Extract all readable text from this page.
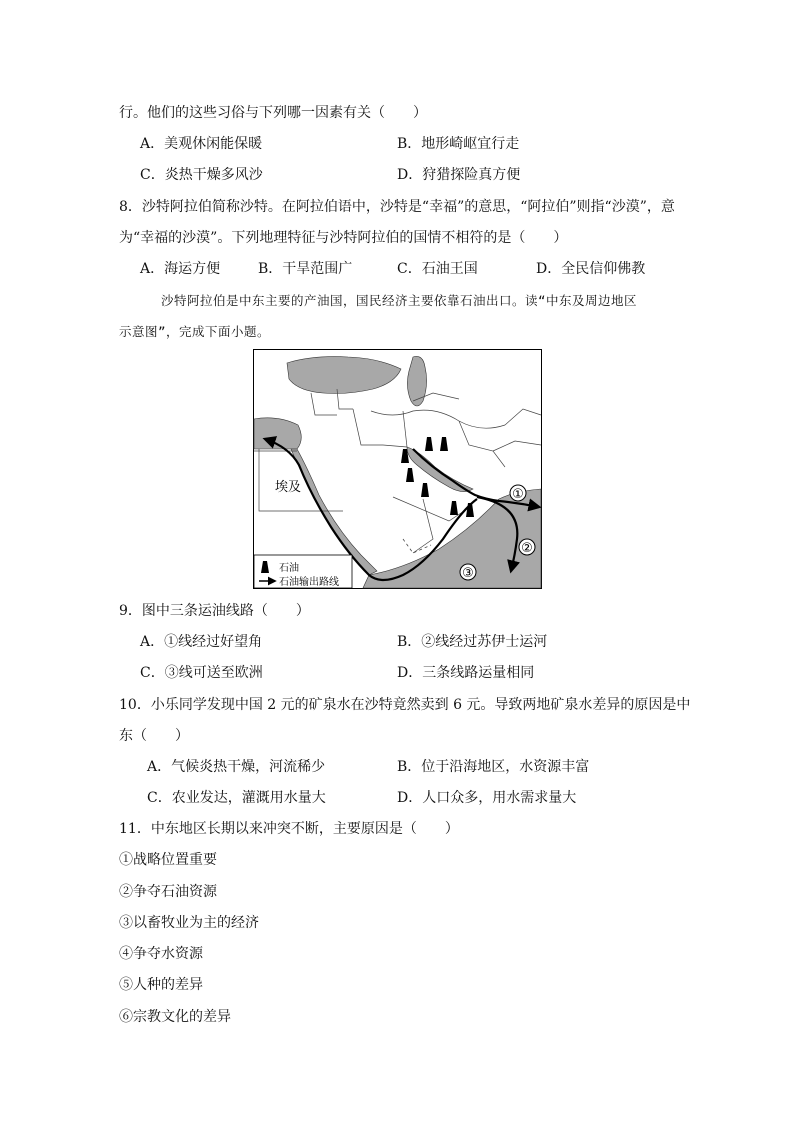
行。他们的这些习俗与下列哪一因素有关（　　）
A．美观休闲能保暖	B．地形崎岖宜行走
C．炎热干燥多风沙	D．狩猎探险真方便
8．沙特阿拉伯简称沙特。在阿拉伯语中，沙特是“幸福”的意思，“阿拉伯”则指“沙漠”，意
为“幸福的沙漠”。下列地理特征与沙特阿拉伯的国情不相符的是（　　）
A．海运方便	B．干旱范围广	C．石油王国	D．全民信仰佛教
沙特阿拉伯是中东主要的产油国，国民经济主要依靠石油出口。读“中东及周边地区
示意图”，完成下面小题。
埃及	①
②
③
石油
石油输出路线
9．图中三条运油线路（　　）
A．①线经过好望角	B．②线经过苏伊士运河
C．③线可送至欧洲	D．三条线路运量相同
10．小乐同学发现中国 2 元的矿泉水在沙特竟然卖到 6 元。导致两地矿泉水差异的原因是中
东（　　）
A．气候炎热干燥，河流稀少	B．位于沿海地区，水资源丰富
C．农业发达，灌溉用水量大	D．人口众多，用水需求量大
11．中东地区长期以来冲突不断，主要原因是（　　）
①战略位置重要
②争夺石油资源
③以畜牧业为主的经济
④争夺水资源
⑤人种的差异
⑥宗教文化的差异
